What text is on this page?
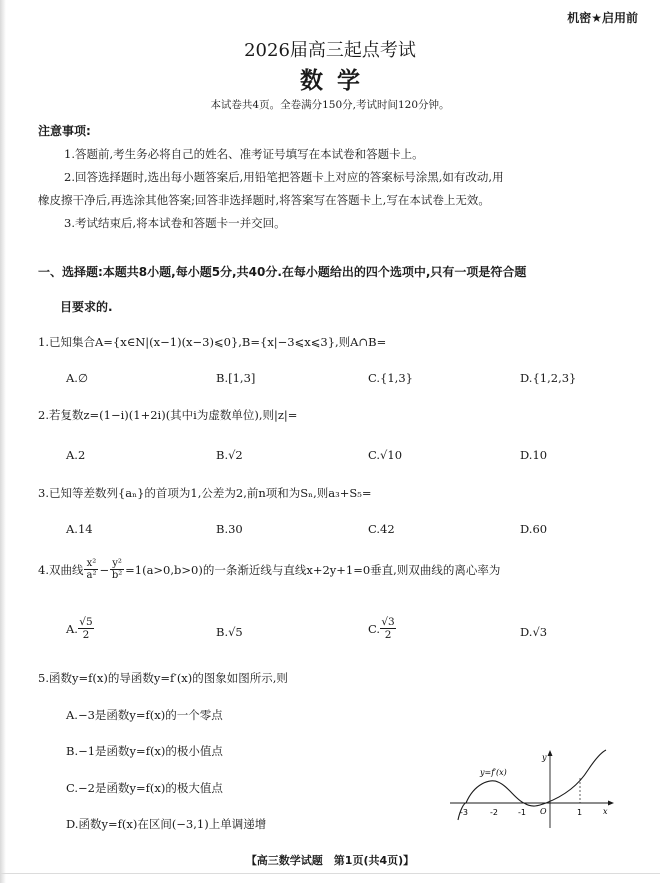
机密★启用前
2026届高三起点考试
数学
本试卷共4页。全卷满分150分,考试时间120分钟。
注意事项:
1.答题前,考生务必将自己的姓名、准考证号填写在本试卷和答题卡上。
2.回答选择题时,选出每小题答案后,用铅笔把答题卡上对应的答案标号涂黑,如有改动,用
橡皮擦干净后,再选涂其他答案;回答非选择题时,将答案写在答题卡上,写在本试卷上无效。
3.考试结束后,将本试卷和答题卡一并交回。
一、选择题:本题共8小题,每小题5分,共40分.在每小题给出的四个选项中,只有一项是符合题
目要求的.
1.已知集合A={x∈N|(x−1)(x−3)⩽0},B={x|−3⩽x⩽3},则A∩B=
A.∅	B.[1,3]	C.{1,3}	D.{1,2,3}
2.若复数z=(1−i)(1+2i)(其中i为虚数单位),则|z|=
A.2	B.√2	C.√10	D.10
3.已知等差数列{aₙ}的首项为1,公差为2,前n项和为Sₙ,则a₃+S₅=
A.14	B.30	C.42	D.60
4.双曲线 x²
a² − y²
b² =1(a>0,b>0)的一条渐近线与直线x+2y+1=0垂直,则双曲线的离心率为
A. √5
2	B.√5	C. √3
2	D.√3
5.函数y=f(x)的导函数y=f′(x)的图象如图所示,则
A.−3是函数y=f(x)的一个零点
B.−1是函数y=f(x)的极小值点
C.−2是函数y=f(x)的极大值点
D.函数y=f(x)在区间(−3,1)上单调递增
y=f′(x)
y
x
O
-3	-2	-1	1
【高三数学试题　第1页(共4页)】
